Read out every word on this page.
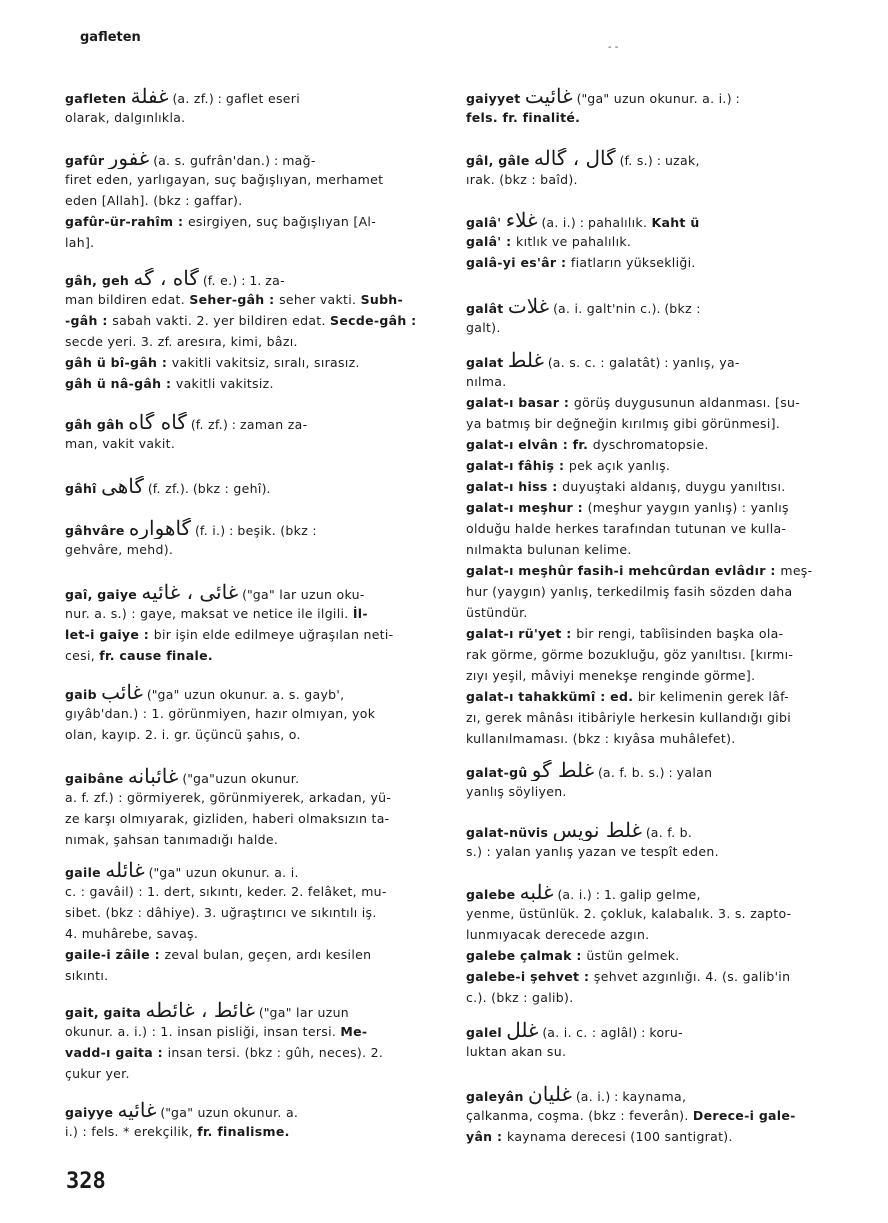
gafleten
‐ ‐
gafleten غفلة (a. zf.) : gaflet eseri
olarak, dalgınlıkla.
gafûr غفور (a. s. gufrân'dan.) : mağ-
firet eden, yarlıgayan, suç bağışlıyan, merhamet
eden [Allah]. (bkz : gaffar).
gafûr-ür-rahîm : esirgiyen, suç bağışlıyan [Al-
lah].
gâh, geh گاه ، گه (f. e.) : 1. za-
man bildiren edat. Seher-gâh : seher vakti. Subh-
-gâh : sabah vakti. 2. yer bildiren edat. Secde-gâh :
secde yeri. 3. zf. aresıra, kimi, bâzı.
gâh ü bî-gâh : vakitli vakitsiz, sıralı, sırasız.
gâh ü nâ-gâh : vakitli vakitsiz.
gâh gâh گاه گاه (f. zf.) : zaman za-
man, vakit vakit.
gâhî گاهى (f. zf.). (bkz : gehî).
gâhvâre گاهواره (f. i.) : beşik. (bkz :
gehvâre, mehd).
gaî, gaiye غائى ، غائيه ("ga" lar uzun oku-
nur. a. s.) : gaye, maksat ve netice ile ilgili. İl-
let-i gaiye : bir işin elde edilmeye uğraşılan neti-
cesi, fr. cause finale.
gaib غائب ("ga" uzun okunur. a. s. gayb',
gıyâb'dan.) : 1. görünmiyen, hazır olmıyan, yok
olan, kayıp. 2. i. gr. üçüncü şahıs, o.
gaibâne غائبانه ("ga"uzun okunur.
a. f. zf.) : görmiyerek, görünmiyerek, arkadan, yü-
ze karşı olmıyarak, gizliden, haberi olmaksızın ta-
nımak, şahsan tanımadığı halde.
gaile غائله ("ga" uzun okunur. a. i.
c. : gavâil) : 1. dert, sıkıntı, keder. 2. felâket, mu-
sibet. (bkz : dâhiye). 3. uğraştırıcı ve sıkıntılı iş.
4. muhârebe, savaş.
gaile-i zâile : zeval bulan, geçen, ardı kesilen
sıkıntı.
gait, gaita غائط ، غائطه ("ga" lar uzun
okunur. a. i.) : 1. insan pisliği, insan tersi. Me-
vadd-ı gaita : insan tersi. (bkz : gûh, neces). 2.
çukur yer.
gaiyye غائيه ("ga" uzun okunur. a.
i.) : fels. * erekçilik, fr. finalisme.
gaiyyet غائيت ("ga" uzun okunur. a. i.) :
fels. fr. finalité.
gâl, gâle گال ، گاله (f. s.) : uzak,
ırak. (bkz : baîd).
galâ' غلاء (a. i.) : pahalılık. Kaht ü
galâ' : kıtlık ve pahalılık.
galâ-yi es'âr : fiatların yüksekliği.
galât غلات (a. i. galt'nin c.). (bkz :
galt).
galat غلط (a. s. c. : galatât) : yanlış, ya-
nılma.
galat-ı basar : görüş duygusunun aldanması. [su-
ya batmış bir değneğin kırılmış gibi görünmesi].
galat-ı elvân : fr. dyschromatopsie.
galat-ı fâhiş : pek açık yanlış.
galat-ı hiss : duyuştaki aldanış, duygu yanıltısı.
galat-ı meşhur : (meşhur yaygın yanlış) : yanlış
olduğu halde herkes tarafından tutunan ve kulla-
nılmakta bulunan kelime.
galat-ı meşhûr fasih-i mehcûrdan evlâdır : meş-
hur (yaygın) yanlış, terkedilmiş fasih sözden daha
üstündür.
galat-ı rü'yet : bir rengi, tabîisinden başka ola-
rak görme, görme bozukluğu, göz yanıltısı. [kırmı-
zıyı yeşil, mâviyi menekşe renginde görme].
galat-ı tahakkümî : ed. bir kelimenin gerek lâf-
zı, gerek mânâsı itibâriyle herkesin kullandığı gibi
kullanılmaması. (bkz : kıyâsa muhâlefet).
galat-gû غلط گو (a. f. b. s.) : yalan
yanlış söyliyen.
galat-nüvis غلط نويس (a. f. b.
s.) : yalan yanlış yazan ve tespît eden.
galebe غلبه (a. i.) : 1. galip gelme,
yenme, üstünlük. 2. çokluk, kalabalık. 3. s. zapto-
lunmıyacak derecede azgın.
galebe çalmak : üstün gelmek.
galebe-i şehvet : şehvet azgınlığı. 4. (s. galib'in
c.). (bkz : galib).
galel غلل (a. i. c. : aglâl) : koru-
luktan akan su.
galeyân غليان (a. i.) : kaynama,
çalkanma, coşma. (bkz : feverân). Derece-i gale-
yân : kaynama derecesi (100 santigrat).
328
